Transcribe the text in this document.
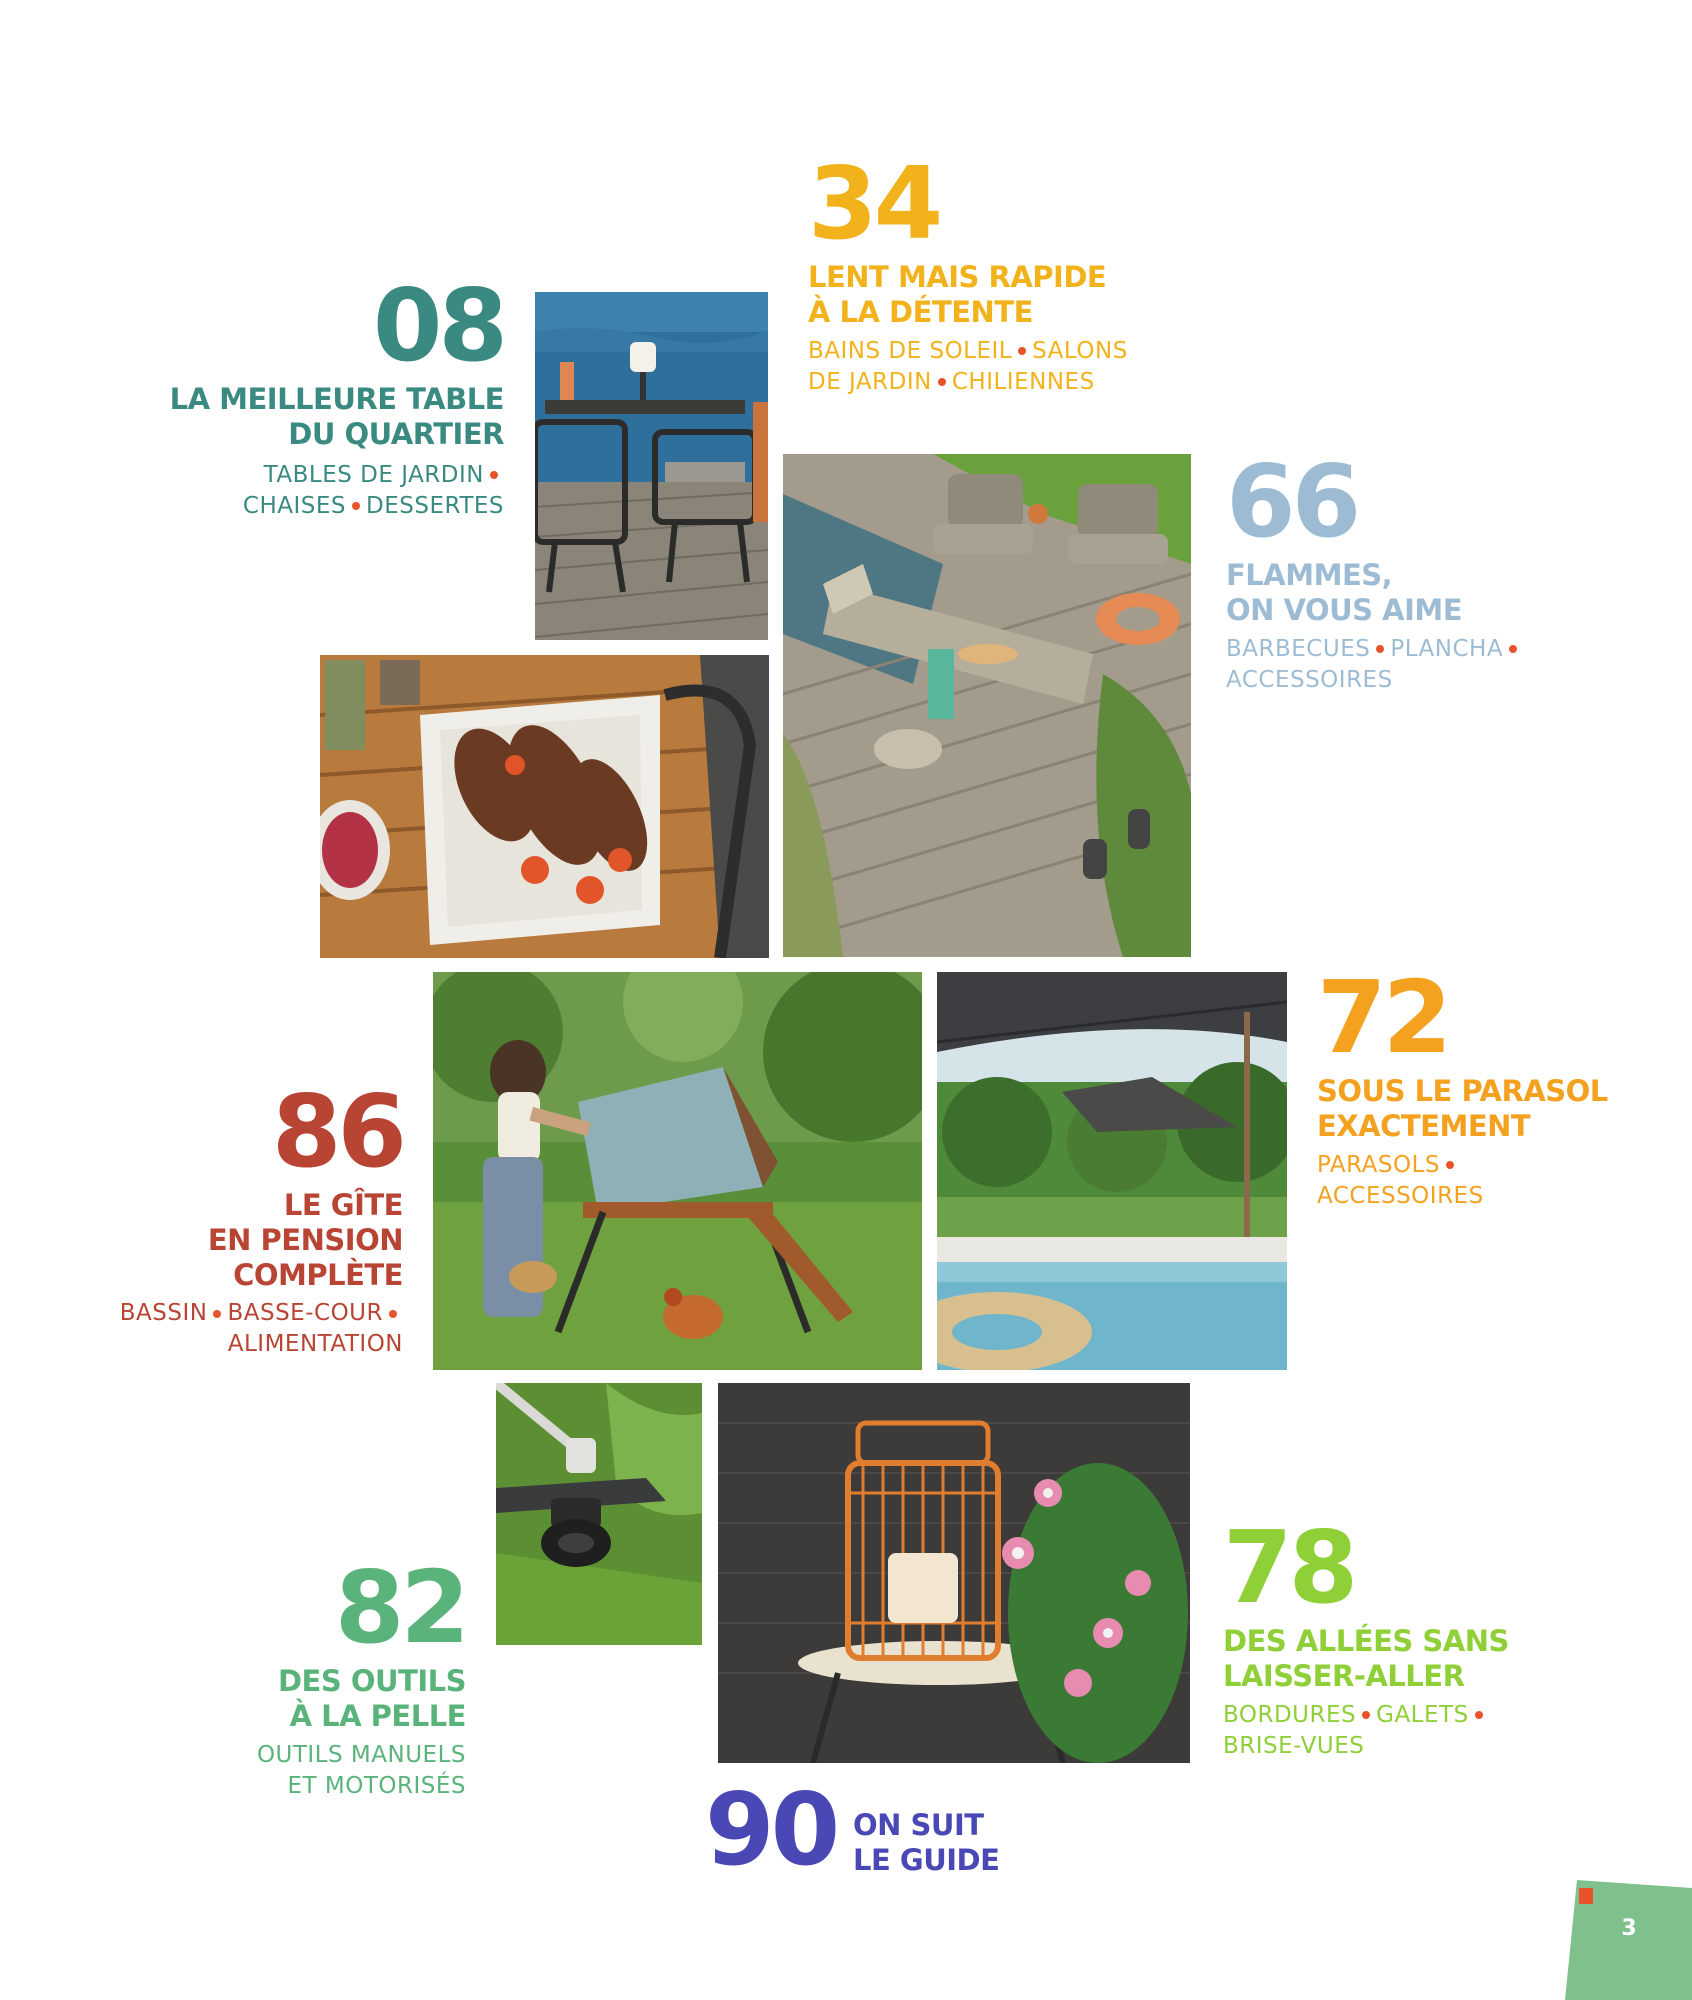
08
LA MEILLEURE TABLE
DU QUARTIER
TABLES DE JARDIN
CHAISES DESSERTES
34
LENT MAIS RAPIDE
À LA DÉTENTE
BAINS DE SOLEIL SALONS
DE JARDIN CHILIENNES
66
FLAMMES,
ON VOUS AIME
BARBECUES PLANCHA
ACCESSOIRES
72
SOUS LE PARASOL
EXACTEMENT
PARASOLS
ACCESSOIRES
86
LE GÎTE
EN PENSION
COMPLÈTE
BASSIN BASSE-COUR
ALIMENTATION
82
DES OUTILS
À LA PELLE
OUTILS MANUELS
ET MOTORISÉS
78
DES ALLÉES SANS
LAISSER-ALLER
BORDURES GALETS
BRISE-VUES
90 ON SUIT
LE GUIDE
3
